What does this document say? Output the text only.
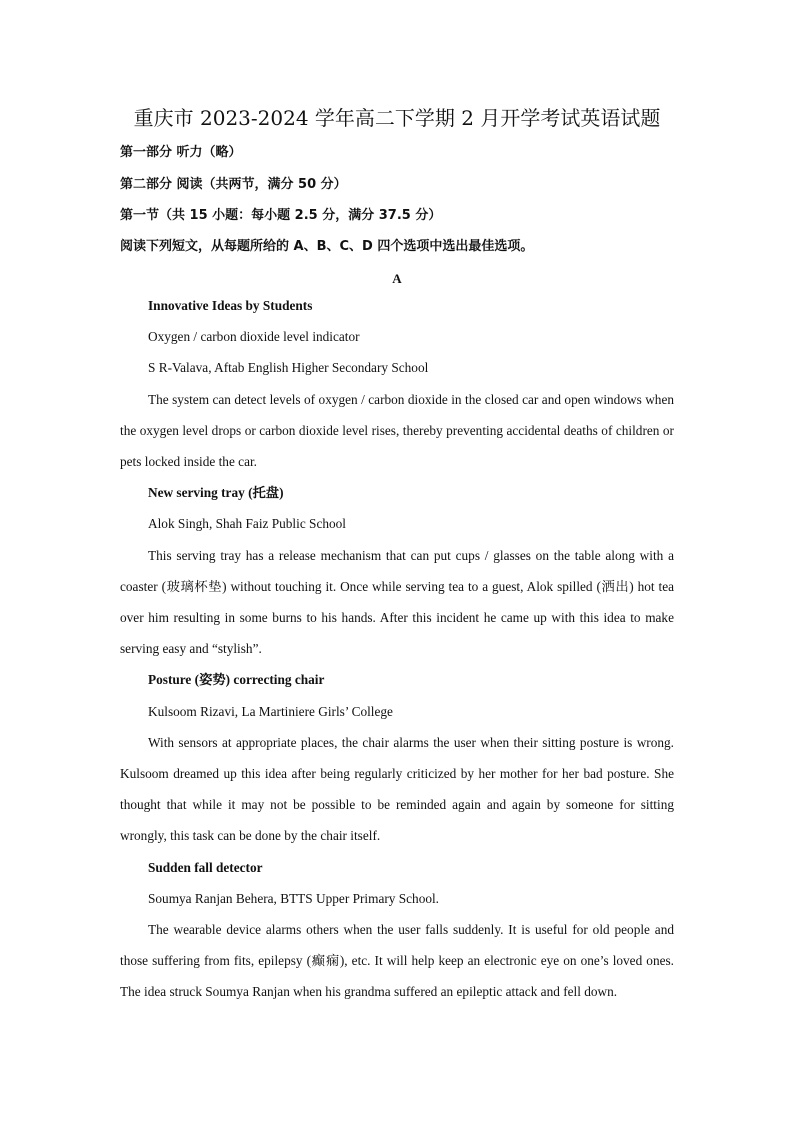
重庆市 2023-2024 学年高二下学期 2 月开学考试英语试题
第一部分 听力（略）
第二部分 阅读（共两节，满分 50 分）
第一节（共 15 小题：每小题 2.5 分，满分 37.5 分）
阅读下列短文，从每题所给的 A、B、C、D 四个选项中选出最佳选项。
A

Innovative Ideas by Students

Oxygen / carbon dioxide level indicator

S R-Valava, Aftab English Higher Secondary School

The system can detect levels of oxygen / carbon dioxide in the closed car and open windows when the oxygen level drops or carbon dioxide level rises, thereby preventing accidental deaths of children or pets locked inside the car.

New serving tray (托盘)

Alok Singh, Shah Faiz Public School

This serving tray has a release mechanism that can put cups / glasses on the table along with a coaster (玻璃杯垫) without touching it. Once while serving tea to a guest, Alok spilled (洒出) hot tea over him resulting in some burns to his hands. After this incident he came up with this idea to make serving easy and “stylish”.

Posture (姿势) correcting chair

Kulsoom Rizavi, La Martiniere Girls’ College

With sensors at appropriate places, the chair alarms the user when their sitting posture is wrong. Kulsoom dreamed up this idea after being regularly criticized by her mother for her bad posture. She thought that while it may not be possible to be reminded again and again by someone for sitting wrongly, this task can be done by the chair itself.

Sudden fall detector

Soumya Ranjan Behera, BTTS Upper Primary School.

The wearable device alarms others when the user falls suddenly. It is useful for old people and those suffering from fits, epilepsy (癫痫), etc. It will help keep an electronic eye on one’s loved ones. The idea struck Soumya Ranjan when his grandma suffered an epileptic attack and fell down.
